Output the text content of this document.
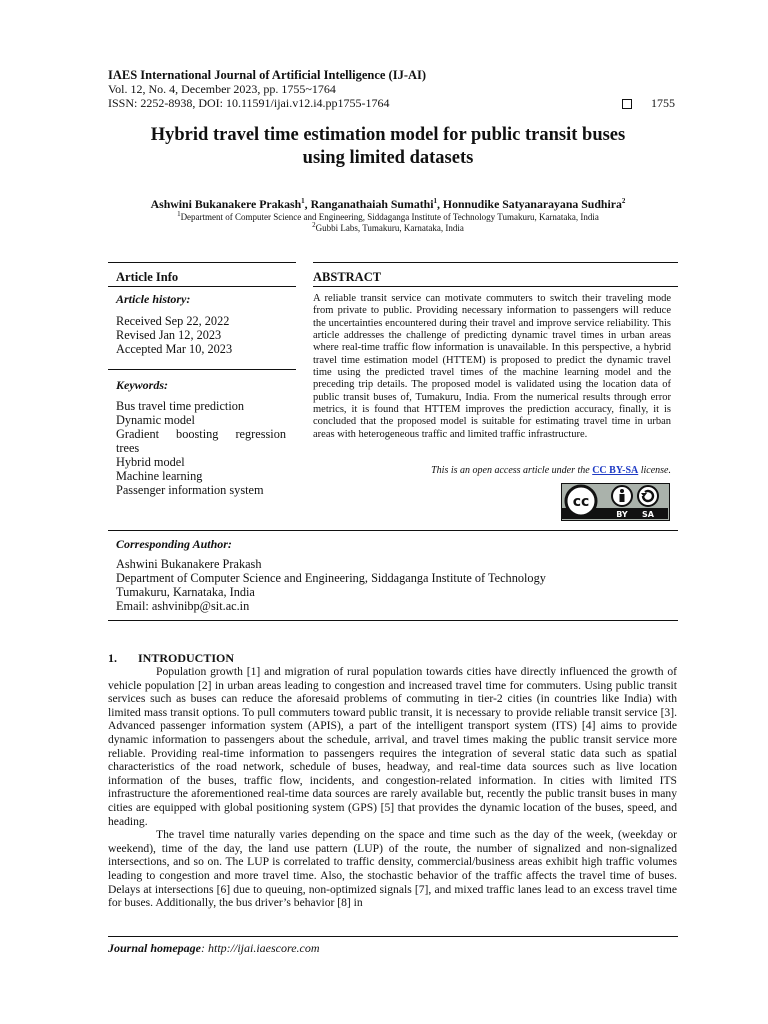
IAES International Journal of Artificial Intelligence (IJ-AI)
Vol. 12, No. 4, December 2023, pp. 1755~1764
ISSN: 2252-8938, DOI: 10.11591/ijai.v12.i4.pp1755-1764	1755
Hybrid travel time estimation model for public transit buses
using limited datasets
Ashwini Bukanakere Prakash$^1$, Ranganathaiah Sumathi$^1$, Honnudike Satyanarayana Sudhira$^2$
$^1$Department of Computer Science and Engineering, Siddaganga Institute of Technology Tumakuru, Karnataka, India
$^2$Gubbi Labs, Tumakuru, Karnataka, India
Article Info
Article history:
Received Sep 22, 2022
Revised Jan 12, 2023
Accepted Mar 10, 2023
Keywords:
Bus travel time prediction
Dynamic model
Gradient boosting regression trees
Hybrid model
Machine learning
Passenger information system
ABSTRACT
A reliable transit service can motivate commuters to switch their traveling mode from private to public. Providing necessary information to passengers will reduce the uncertainties encountered during their travel and improve service reliability. This article addresses the challenge of predicting dynamic travel times in urban areas where real-time traffic flow information is unavailable. In this perspective, a hybrid travel time estimation model (HTTEM) is proposed to predict the dynamic travel time using the predicted travel times of the machine learning model and the preceding trip details. The proposed model is validated using the location data of public transit buses of, Tumakuru, India. From the numerical results through error metrics, it is found that HTTEM improves the prediction accuracy, finally, it is concluded that the proposed model is suitable for estimating travel time in urban areas with heterogeneous traffic and limited traffic infrastructure.
This is an open access article under the CC BY-SA license.
cc
BY SA
Corresponding Author:
Ashwini Bukanakere Prakash
Department of Computer Science and Engineering, Siddaganga Institute of Technology
Tumakuru, Karnataka, India
Email: ashvinibp@sit.ac.in
1. INTRODUCTION

Population growth [1] and migration of rural population towards cities have directly influenced the growth of vehicle population [2] in urban areas leading to congestion and increased travel time for commuters. Using public transit services such as buses can reduce the aforesaid problems of commuting in tier-2 cities (in countries like India) with limited mass transit options. To pull commuters toward public transit, it is necessary to provide reliable transit service [3]. Advanced passenger information system (APIS), a part of the intelligent transport system (ITS) [4] aims to provide dynamic information to passengers about the schedule, arrival, and travel times making the public transit service more reliable. Providing real-time information to passengers requires the integration of several static data such as spatial characteristics of the road network, schedule of buses, headway, and real-time data sources such as live location information of the buses, traffic flow, incidents, and congestion-related information. In cities with limited ITS infrastructure the aforementioned real-time data sources are rarely available but, recently the public transit buses in many cities are equipped with global positioning system (GPS) [5] that provides the dynamic location of the buses, speed, and heading.

The travel time naturally varies depending on the space and time such as the day of the week, (weekday or weekend), time of the day, the land use pattern (LUP) of the route, the number of signalized and non-signalized intersections, and so on. The LUP is correlated to traffic density, commercial/business areas exhibit high traffic volumes leading to congestion and more travel time. Also, the stochastic behavior of the traffic affects the travel time of buses. Delays at intersections [6] due to queuing, non-optimized signals [7], and mixed traffic lanes lead to an excess travel time for buses. Additionally, the bus driver’s behavior [8] in

Journal homepage: http://ijai.iaescore.com
